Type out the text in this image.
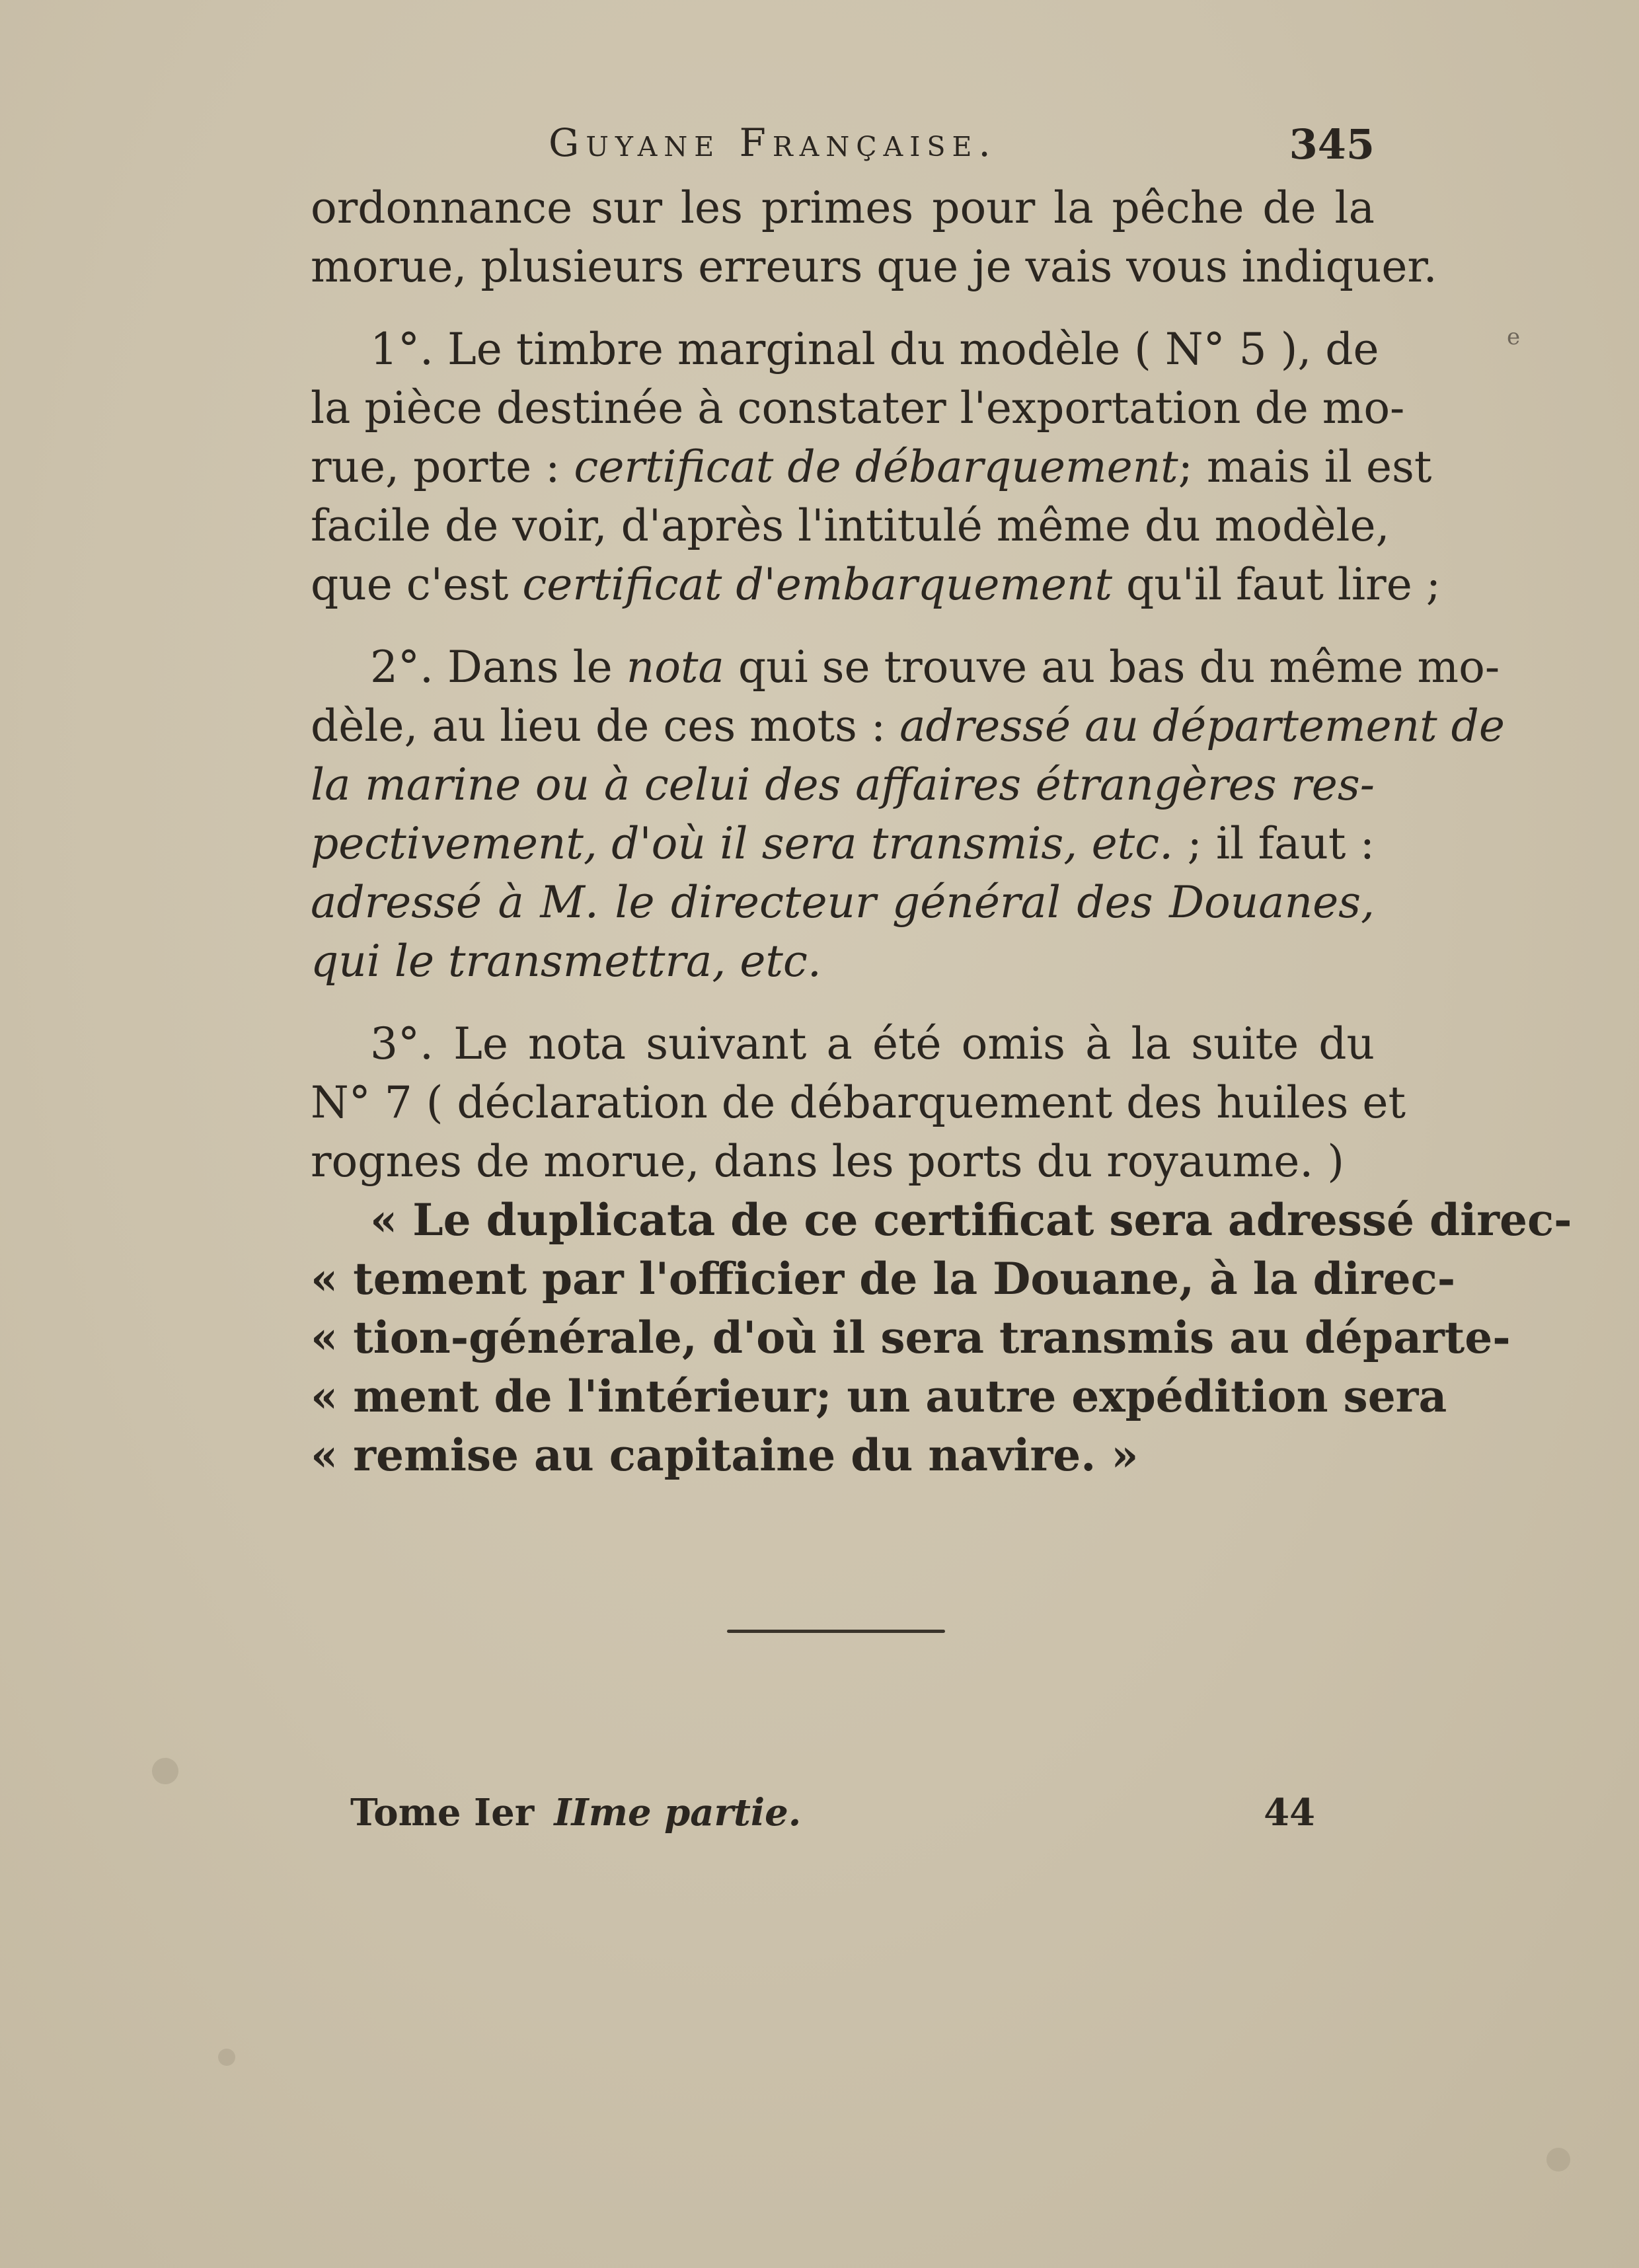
e
Guyane Française.	345
ordonnance sur les primes pour la pêche de la
morue, plusieurs erreurs que je vais vous indiquer.
1°. Le timbre marginal du modèle ( N° 5 ), de
la pièce destinée à constater l'exportation de mo-
rue, porte : certificat de débarquement; mais il est
facile de voir, d'après l'intitulé même du modèle,
que c'est certificat d'embarquement qu'il faut lire ;
2°. Dans le nota qui se trouve au bas du même mo-
dèle, au lieu de ces mots : adressé au département de
la marine ou à celui des affaires étrangères res-
pectivement, d'où il sera transmis, etc. ; il faut :
adressé à M. le directeur général des Douanes,
qui le transmettra, etc.
3°. Le nota suivant a été omis à la suite du
N° 7 ( déclaration de débarquement des huiles et
rognes de morue, dans les ports du royaume. )
« Le duplicata de ce certificat sera adressé direc-
« tement par l'officier de la Douane, à la direc-
« tion-générale, d'où il sera transmis au départe-
« ment de l'intérieur; un autre expédition sera
« remise au capitaine du navire. »
Tome Ier IIme partie.	44
